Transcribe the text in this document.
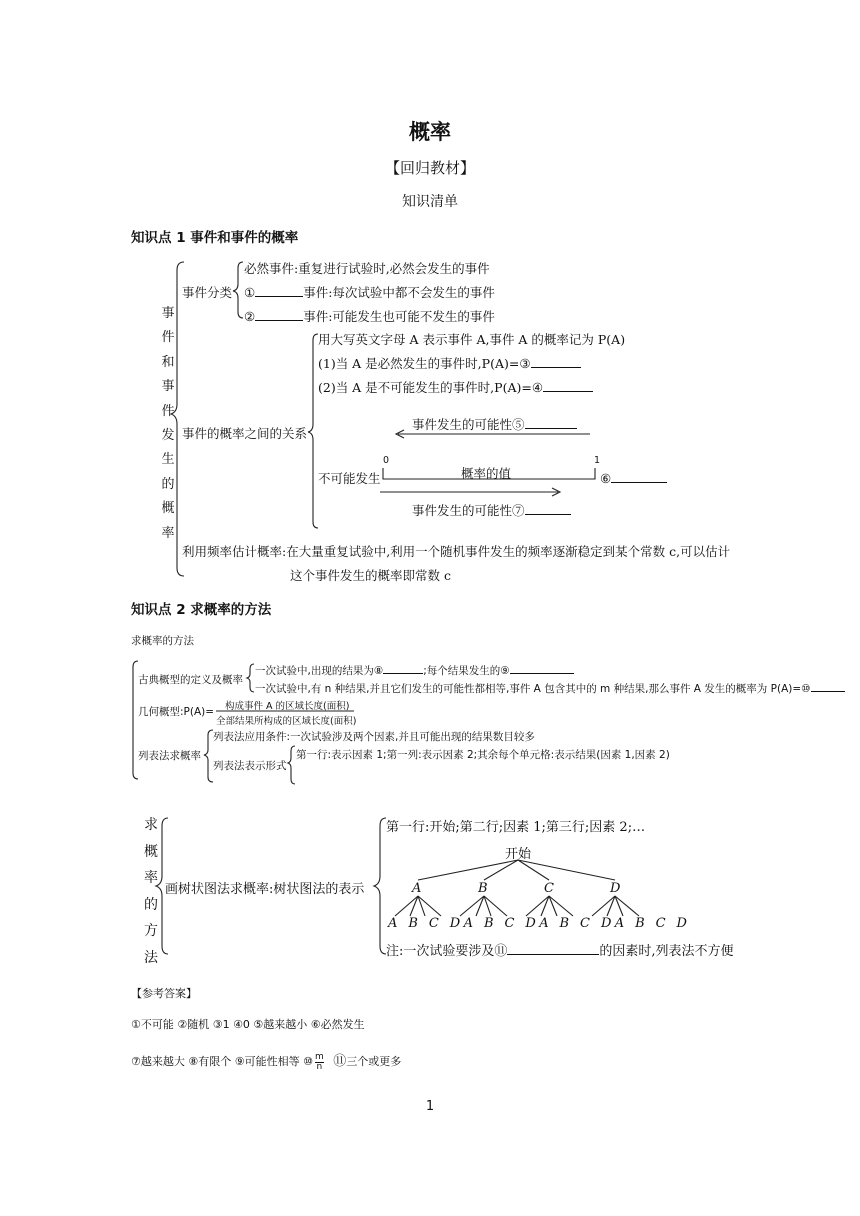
概率
【回归教材】
知识清单
知识点 1 事件和事件的概率
事件和事件发生的概率
事件分类
必然事件:重复进行试验时,必然会发生的事件
①	事件:每次试验中都不会发生的事件
②	事件:可能发生也可能不发生的事件
事件的概率之间的关系
用大写英文字母 A 表示事件 A,事件 A 的概率记为 P(A)
(1)当 A 是必然发生的事件时,P(A)=③
(2)当 A 是不可能发生的事件时,P(A)=④
事件发生的可能性⑤
0	1
不可能发生	概率的值	⑥
事件发生的可能性⑦
利用频率估计概率:在大量重复试验中,利用一个随机事件发生的频率逐渐稳定到某个常数 c,可以估计
这个事件发生的概率即常数 c
知识点 2 求概率的方法
求概率的方法
古典概型的定义及概率
一次试验中,出现的结果为⑧	;每个结果发生的⑨
一次试验中,有 n 种结果,并且它们发生的可能性都相等,事件 A 包含其中的 m 种结果,那么事件 A 发生的概率为 P(A)=⑩
几何概型:P(A)= 构成事件 A 的区域长度(面积)
全部结果所构成的区域长度(面积)
列表法求概率
列表法应用条件:一次试验涉及两个因素,并且可能出现的结果数目较多
列表法表示形式
第一行:表示因素 1;第一列:表示因素 2;其余每个单元格:表示结果(因素 1,因素 2)
求概率的方法
画树状图法求概率:树状图法的表示
第一行:开始;第二行;因素 1;第三行;因素 2;…
开始
A	B	C	D
A B C DA B C DA B C DA B C D
注:一次试验要涉及⑪	的因素时,列表法不方便
【参考答案】
①不可能 ②随机 ③1 ④0 ⑤越来越小 ⑥必然发生
⑦越来越大 ⑧有限个 ⑨可能性相等 ⑩ $\frac{m}{n}$ ⑪三个或更多
1
